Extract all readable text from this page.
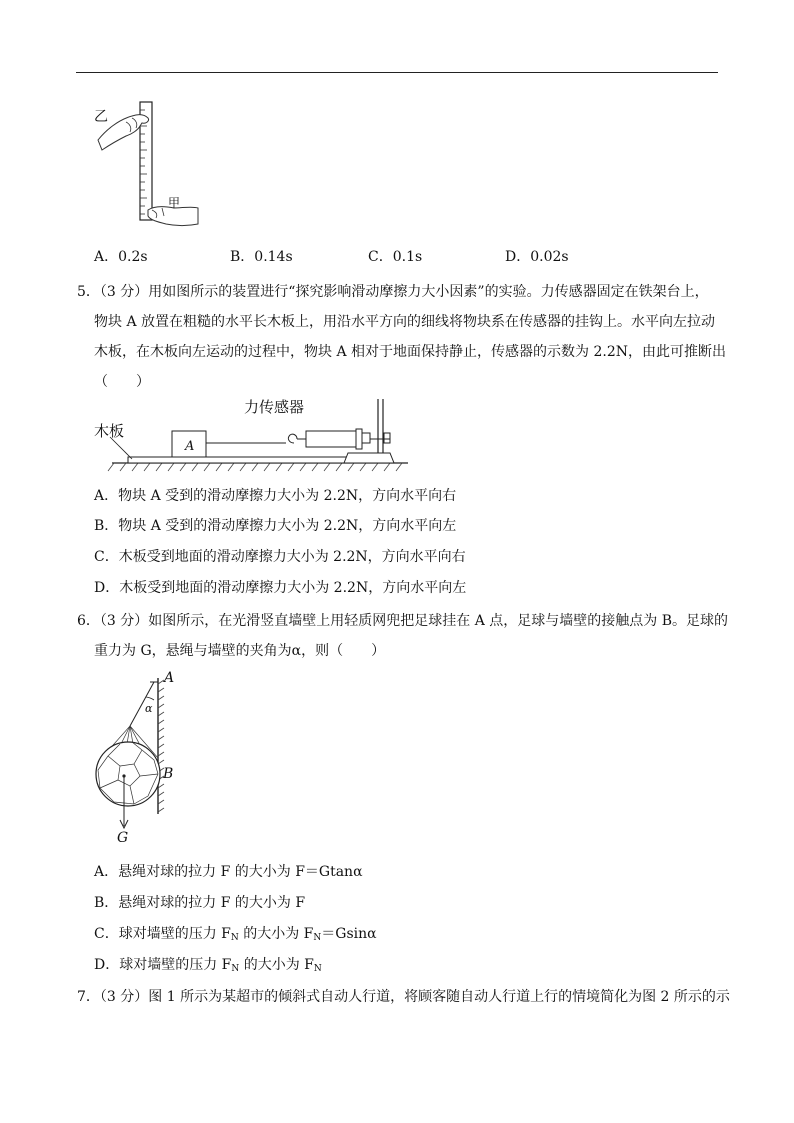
乙
甲
A．0.2s	B．0.14s	C．0.1s	D．0.02s
5．（3 分）用如图所示的装置进行“探究影响滑动摩擦力大小因素”的实验。力传感器固定在铁架台上，
物块 A 放置在粗糙的水平长木板上，用沿水平方向的细线将物块系在传感器的挂钩上。水平向左拉动
木板，在木板向左运动的过程中，物块 A 相对于地面保持静止，传感器的示数为 2.2N，由此可推断出
（　　）
木板
力传感器
A
A．物块 A 受到的滑动摩擦力大小为 2.2N，方向水平向右
B．物块 A 受到的滑动摩擦力大小为 2.2N，方向水平向左
C．木板受到地面的滑动摩擦力大小为 2.2N，方向水平向右
D．木板受到地面的滑动摩擦力大小为 2.2N，方向水平向左
6．（3 分）如图所示，在光滑竖直墙壁上用轻质网兜把足球挂在 A 点，足球与墙壁的接触点为 B。足球的
重力为 G，悬绳与墙壁的夹角为α，则（　　）
A
α
B
G
A．悬绳对球的拉力 F 的大小为 F＝Gtanα
B．悬绳对球的拉力 F 的大小为 F
C．球对墙壁的压力 $F_N$ 的大小为 $F_N=Gsin\alpha$
D．球对墙壁的压力 $F_N$ 的大小为 $F_N$
7．（3 分）图 1 所示为某超市的倾斜式自动人行道，将顾客随自动人行道上行的情境简化为图 2 所示的示
